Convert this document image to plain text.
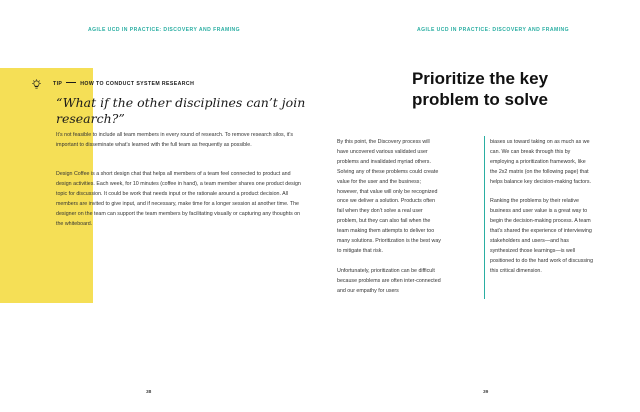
AGILE UCD IN PRACTICE: DISCOVERY AND FRAMING
TIP	HOW TO CONDUCT SYSTEM RESEARCH
“What if the other disciplines can’t join
research?”

It’s not feasible to include all team members in every round of research. To remove research silos, it’s important to disseminate what’s learned with the full team as frequently as possible.

Design Coffee is a short design chat that helps all members of a team feel connected to product and design activities. Each week, for 10 minutes (coffee in hand), a team member shares one product design topic for discussion. It could be work that needs input or the rationale around a product decision. All members are invited to give input, and if necessary, make time for a longer session at another time. The designer on the team can support the team members by facilitating visually or capturing any thoughts on the whiteboard.

38
AGILE UCD IN PRACTICE: DISCOVERY AND FRAMING
Prioritize the key
problem to solve

By this point, the Discovery process will have uncovered various validated user problems and invalidated myriad others. Solving any of these problems could create value for the user and the business; however, that value will only be recognized once we deliver a solution. Products often fail when they don’t solve a real user problem, but they can also fail when the team making them attempts to deliver too many solutions. Prioritization is the best way to mitigate that risk.

Unfortunately, prioritization can be difficult because problems are often inter-connected and our empathy for users

biases us toward taking on as much as we can. We can break through this by employing a prioritization framework, like the 2x2 matrix (on the following page) that helps balance key decision-making factors.

Ranking the problems by their relative business and user value is a great way to begin the decision-making process. A team that’s shared the experience of interviewing stakeholders and users—and has synthesized those learnings—is well positioned to do the hard work of discussing this critical dimension.

39
